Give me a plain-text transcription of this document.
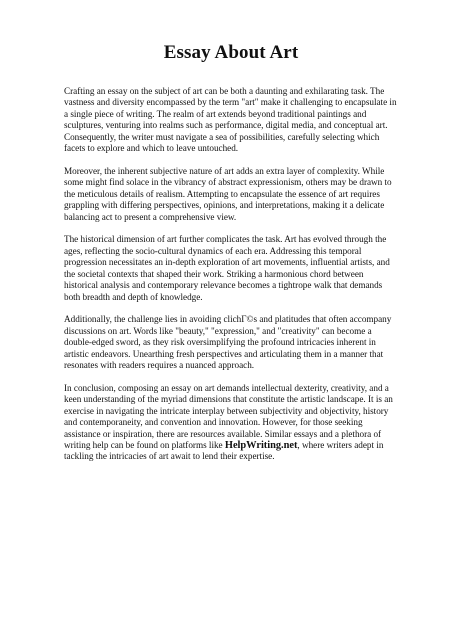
Essay About Art

Crafting an essay on the subject of art can be both a daunting and exhilarating task. The vastness and diversity encompassed by the term "art" make it challenging to encapsulate in a single piece of writing. The realm of art extends beyond traditional paintings and sculptures, venturing into realms such as performance, digital media, and conceptual art. Consequently, the writer must navigate a sea of possibilities, carefully selecting which facets to explore and which to leave untouched.

Moreover, the inherent subjective nature of art adds an extra layer of complexity. While some might find solace in the vibrancy of abstract expressionism, others may be drawn to the meticulous details of realism. Attempting to encapsulate the essence of art requires grappling with differing perspectives, opinions, and interpretations, making it a delicate balancing act to present a comprehensive view.

The historical dimension of art further complicates the task. Art has evolved through the ages, reflecting the socio-cultural dynamics of each era. Addressing this temporal progression necessitates an in-depth exploration of art movements, influential artists, and the societal contexts that shaped their work. Striking a harmonious chord between historical analysis and contemporary relevance becomes a tightrope walk that demands both breadth and depth of knowledge.

Additionally, the challenge lies in avoiding clichГ©s and platitudes that often accompany discussions on art. Words like "beauty," "expression," and "creativity" can become a double-edged sword, as they risk oversimplifying the profound intricacies inherent in artistic endeavors. Unearthing fresh perspectives and articulating them in a manner that resonates with readers requires a nuanced approach.

In conclusion, composing an essay on art demands intellectual dexterity, creativity, and a keen understanding of the myriad dimensions that constitute the artistic landscape. It is an exercise in navigating the intricate interplay between subjectivity and objectivity, history and contemporaneity, and convention and innovation. However, for those seeking assistance or inspiration, there are resources available. Similar essays and a plethora of writing help can be found on platforms like HelpWriting.net, where writers adept in tackling the intricacies of art await to lend their expertise.
